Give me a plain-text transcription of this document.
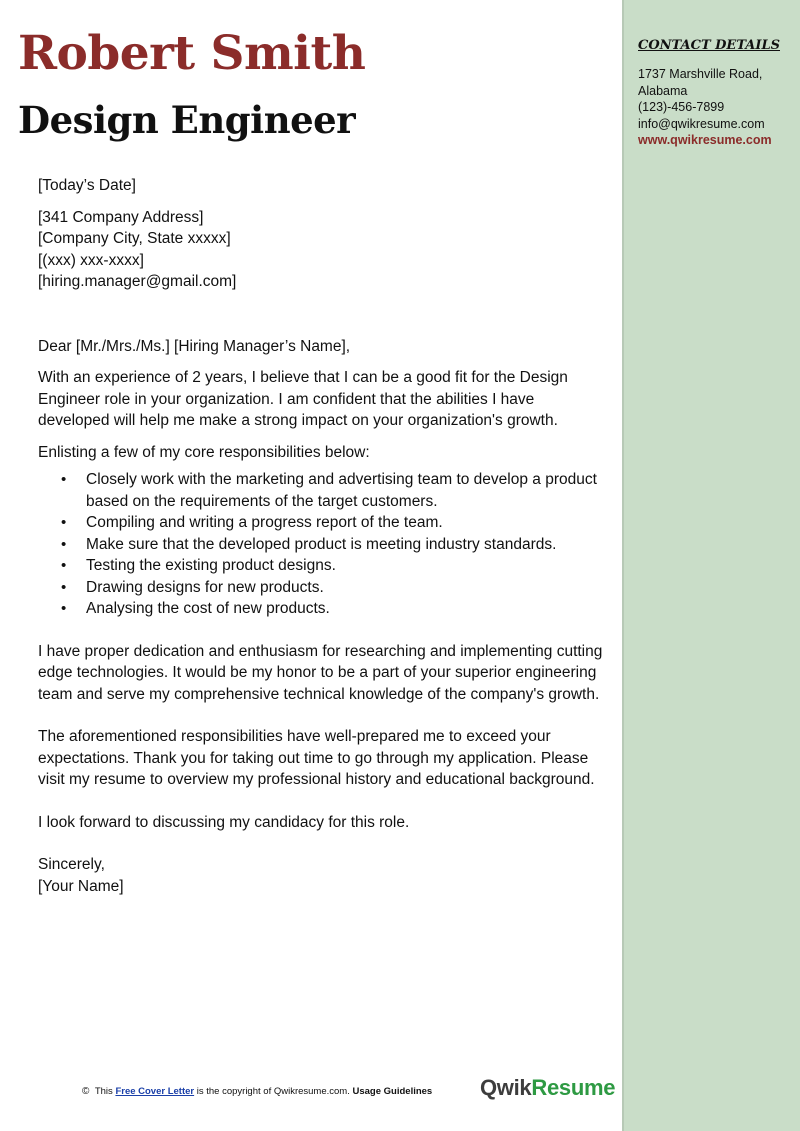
CONTACT DETAILS
1737 Marshville Road,
Alabama
(123)-456-7899
info@qwikresume.com
www.qwikresume.com
Robert Smith
Design Engineer

[Today’s Date]

[341 Company Address]

[Company City, State xxxxx]

[(xxx) xxx-xxxx]

[hiring.manager@gmail.com]

Dear [Mr./Mrs./Ms.] [Hiring Manager’s Name],

With an experience of 2 years, I believe that I can be a good fit for the Design Engineer role in your organization. I am confident that the abilities I have developed will help me make a strong impact on your organization's growth.

Enlisting a few of my core responsibilities below:

• Closely work with the marketing and advertising team to develop a product based on the requirements of the target customers.
• Compiling and writing a progress report of the team.
• Make sure that the developed product is meeting industry standards.
• Testing the existing product designs.
• Drawing designs for new products.
• Analysing the cost of new products.

I have proper dedication and enthusiasm for researching and implementing cutting edge technologies. It would be my honor to be a part of your superior engineering team and serve my comprehensive technical knowledge of the company's growth.

The aforementioned responsibilities have well-prepared me to exceed your expectations. Thank you for taking out time to go through my application. Please visit my resume to overview my professional history and educational background.

I look forward to discussing my candidacy for this role.

Sincerely,

[Your Name]

© This Free Cover Letter is the copyright of Qwikresume.com. Usage Guidelines QwikResume
